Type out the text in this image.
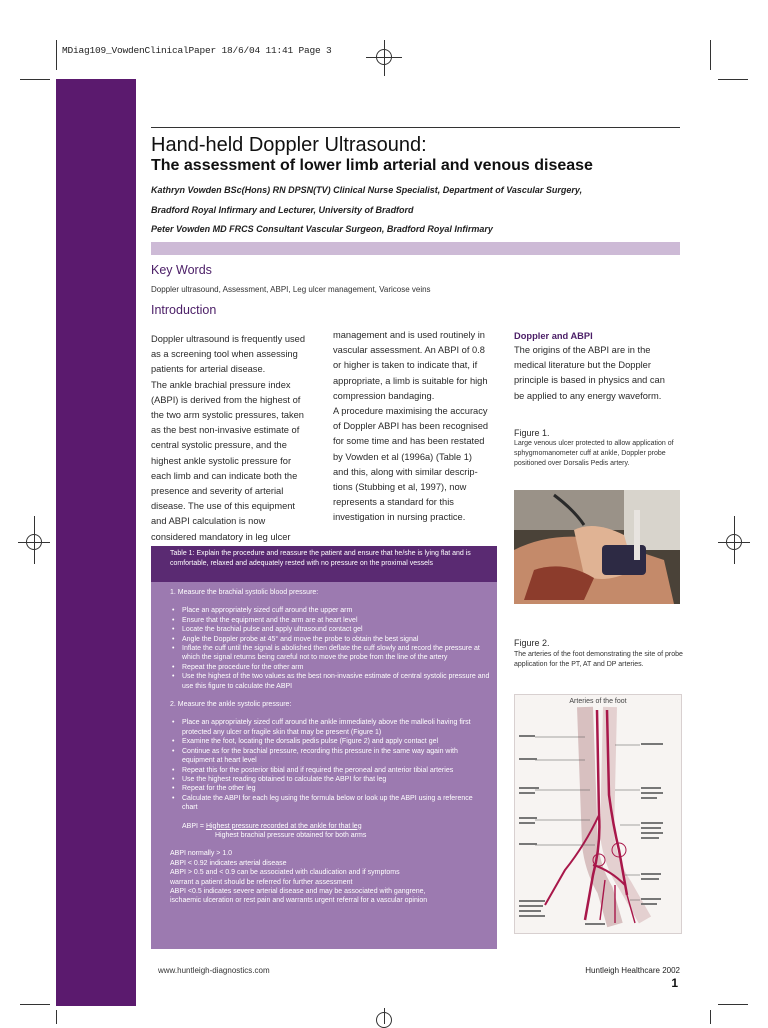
MDiag109_VowdenClinicalPaper 18/6/04 11:41 Page 3
Hand-held Doppler Ultrasound:
The assessment of lower limb arterial and venous disease
Kathryn Vowden BSc(Hons) RN DPSN(TV) Clinical Nurse Specialist, Department of Vascular Surgery,
Bradford Royal Infirmary and Lecturer, University of Bradford
Peter Vowden MD FRCS Consultant Vascular Surgeon, Bradford Royal Infirmary
Key Words
Doppler ultrasound, Assessment, ABPI, Leg ulcer management, Varicose veins
Introduction

Doppler ultrasound is frequently used

as a screening tool when assessing

patients for arterial disease.

The ankle brachial pressure index

(ABPI) is derived from the highest of

the two arm systolic pressures, taken

as the best non-invasive estimate of

central systolic pressure, and the

highest ankle systolic pressure for

each limb and can indicate both the

presence and severity of arterial

disease. The use of this equipment

and ABPI calculation is now

considered mandatory in leg ulcer

management and is used routinely in

vascular assessment. An ABPI of 0.8

or higher is taken to indicate that, if

appropriate, a limb is suitable for high

compression bandaging.

A procedure maximising the accuracy

of Doppler ABPI has been recognised

for some time and has been restated

by Vowden et al (1996a) (Table 1)

and this, along with similar descrip-

tions (Stubbing et al, 1997), now

represents a standard for this

investigation in nursing practice.

Doppler and ABPI

The origins of the ABPI are in the

medical literature but the Doppler

principle is based in physics and can

be applied to any energy waveform.

Figure 1.
Large venous ulcer protected to allow application of sphygmomanometer cuff at ankle, Doppler probe positioned over Dorsalis Pedis artery.
Figure 2.
The arteries of the foot demonstrating the site of probe application for the PT, AT and DP arteries.
Arteries of the foot
Table 1: Explain the procedure and reassure the patient and ensure that he/she is lying flat and is comfortable, relaxed and adequately rested with no pressure on the proximal vessels
1. Measure the brachial systolic blood pressure:
• Place an appropriately sized cuff around the upper arm
• Ensure that the equipment and the arm are at heart level
• Locate the brachial pulse and apply ultrasound contact gel
• Angle the Doppler probe at 45° and move the probe to obtain the best signal
• Inflate the cuff until the signal is abolished then deflate the cuff slowly and record the pressure at which the signal returns being careful not to move the probe from the line of the artery
• Repeat the procedure for the other arm
• Use the highest of the two values as the best non-invasive estimate of central systolic pressure and use this figure to calculate the ABPI
2. Measure the ankle systolic pressure:
• Place an appropriately sized cuff around the ankle immediately above the malleoli having first protected any ulcer or fragile skin that may be present (Figure 1)
• Examine the foot, locating the dorsalis pedis pulse (Figure 2) and apply contact gel
• Continue as for the brachial pressure, recording this pressure in the same way again with equipment at heart level
• Repeat this for the posterior tibial and if required the peroneal and anterior tibial arteries
• Use the highest reading obtained to calculate the ABPI for that leg
• Repeat for the other leg
• Calculate the ABPI for each leg using the formula below or look up the ABPI using a reference chart
ABPI = Highest pressure recorded at the ankle for that leg
Highest brachial pressure obtained for both arms
ABPI normally > 1.0
ABPI < 0.92 indicates arterial disease
ABPI > 0.5 and < 0.9 can be associated with claudication and if symptoms
warrant a patient should be referred for further assessment
ABPI <0.5 indicates severe arterial disease and may be associated with gangrene,
ischaemic ulceration or rest pain and warrants urgent referral for a vascular opinion
www.huntleigh-diagnostics.com	Huntleigh Healthcare 2002
1
